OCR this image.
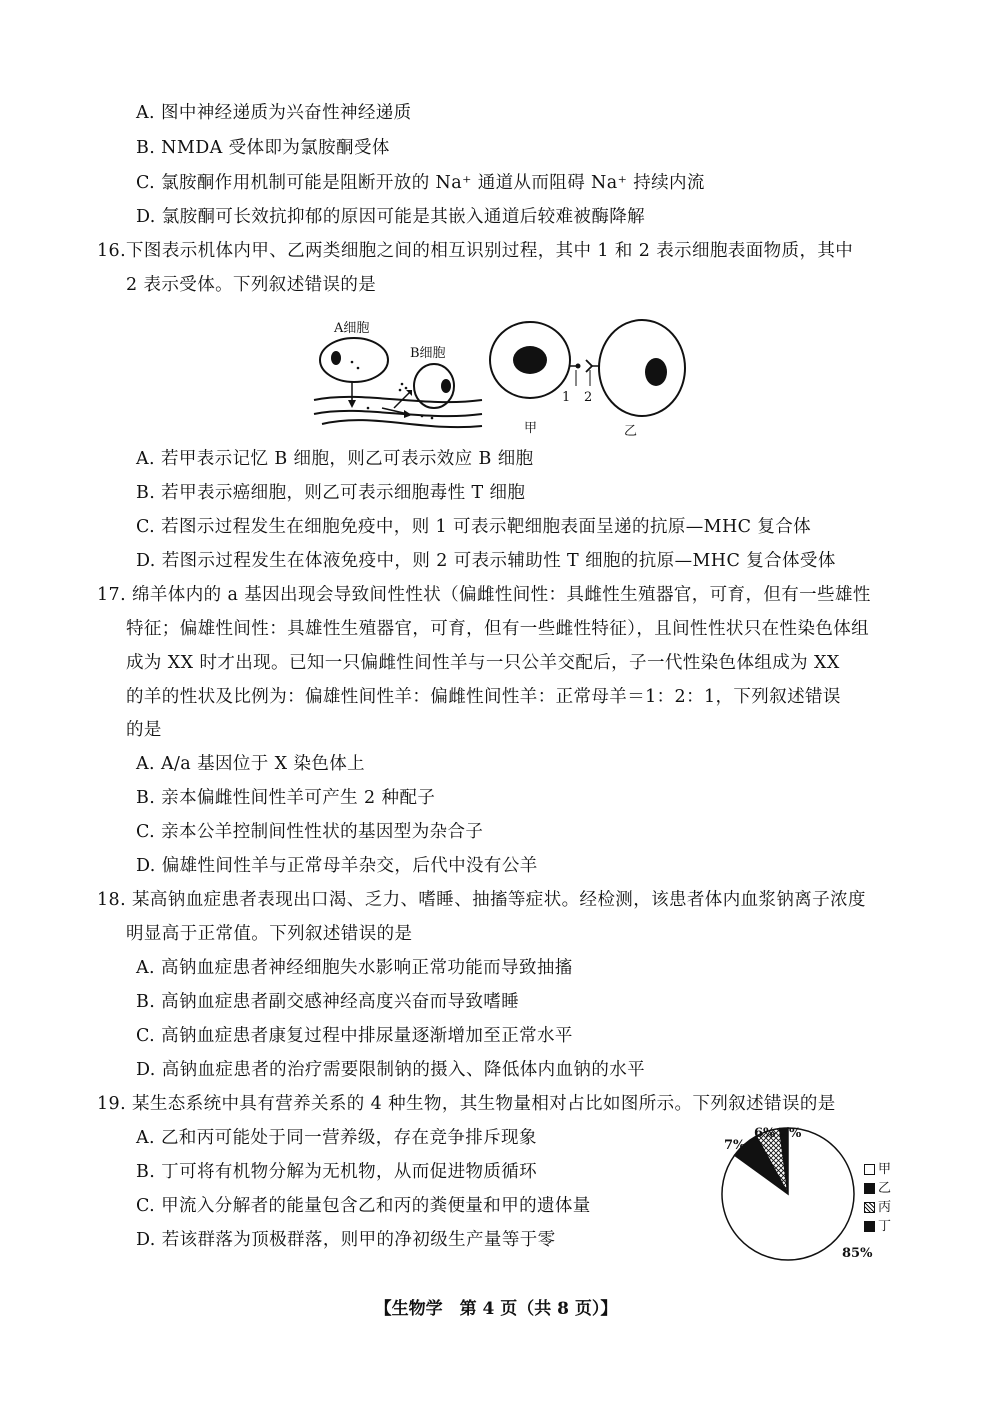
A. 图中神经递质为兴奋性神经递质
B. NMDA 受体即为氯胺酮受体
C. 氯胺酮作用机制可能是阻断开放的 Na⁺ 通道从而阻碍 Na⁺ 持续内流
D. 氯胺酮可长效抗抑郁的原因可能是其嵌入通道后较难被酶降解
16.下图表示机体内甲、乙两类细胞之间的相互识别过程，其中 1 和 2 表示细胞表面物质，其中
2 表示受体。下列叙述错误的是
A细胞
B细胞
1 2
甲	乙
A. 若甲表示记忆 B 细胞，则乙可表示效应 B 细胞
B. 若甲表示癌细胞，则乙可表示细胞毒性 T 细胞
C. 若图示过程发生在细胞免疫中，则 1 可表示靶细胞表面呈递的抗原—MHC 复合体
D. 若图示过程发生在体液免疫中，则 2 可表示辅助性 T 细胞的抗原—MHC 复合体受体
17. 绵羊体内的 a 基因出现会导致间性性状（偏雌性间性：具雌性生殖器官，可育，但有一些雄性
特征；偏雄性间性：具雄性生殖器官，可育，但有一些雌性特征），且间性性状只在性染色体组
成为 XX 时才出现。已知一只偏雌性间性羊与一只公羊交配后，子一代性染色体组成为 XX
的羊的性状及比例为：偏雄性间性羊：偏雌性间性羊：正常母羊＝1：2：1，下列叙述错误
的是
A. A/a 基因位于 X 染色体上
B. 亲本偏雌性间性羊可产生 2 种配子
C. 亲本公羊控制间性性状的基因型为杂合子
D. 偏雄性间性羊与正常母羊杂交，后代中没有公羊
18. 某高钠血症患者表现出口渴、乏力、嗜睡、抽搐等症状。经检测，该患者体内血浆钠离子浓度
明显高于正常值。下列叙述错误的是
A. 高钠血症患者神经细胞失水影响正常功能而导致抽搐
B. 高钠血症患者副交感神经高度兴奋而导致嗜睡
C. 高钠血症患者康复过程中排尿量逐渐增加至正常水平
D. 高钠血症患者的治疗需要限制钠的摄入、降低体内血钠的水平
19. 某生态系统中具有营养关系的 4 种生物，其生物量相对占比如图所示。下列叙述错误的是
A. 乙和丙可能处于同一营养级，存在竞争排斥现象
B. 丁可将有机物分解为无机物，从而促进物质循环
C. 甲流入分解者的能量包含乙和丙的粪便量和甲的遗体量
D. 若该群落为顶极群落，则甲的净初级生产量等于零
7%
6% 2%
85%
甲
乙
丙
丁
【生物学　第 4 页（共 8 页）】
